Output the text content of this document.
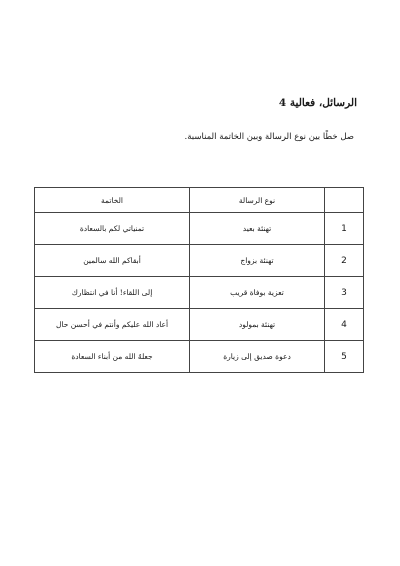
الرسائل، فعالية 4
صل خطًا بين نوع الرسالة وبين الخاتمة المناسبة.
	نوع الرسالة	الخاتمة
1	تهنئة بعيد	تمنياتي لكم بالسعادة
2	تهنئة بزواج	أبقاكم الله سالمين
3	تعزية بوفاة قريب	إلى اللقاء! أنا في انتظارك
4	تهنئة بمولود	أعاد الله عليكم وأنتم في أحسن حال
5	دعوة صديق إلى زيارة	جعلهُ الله من أبناء السعادة
